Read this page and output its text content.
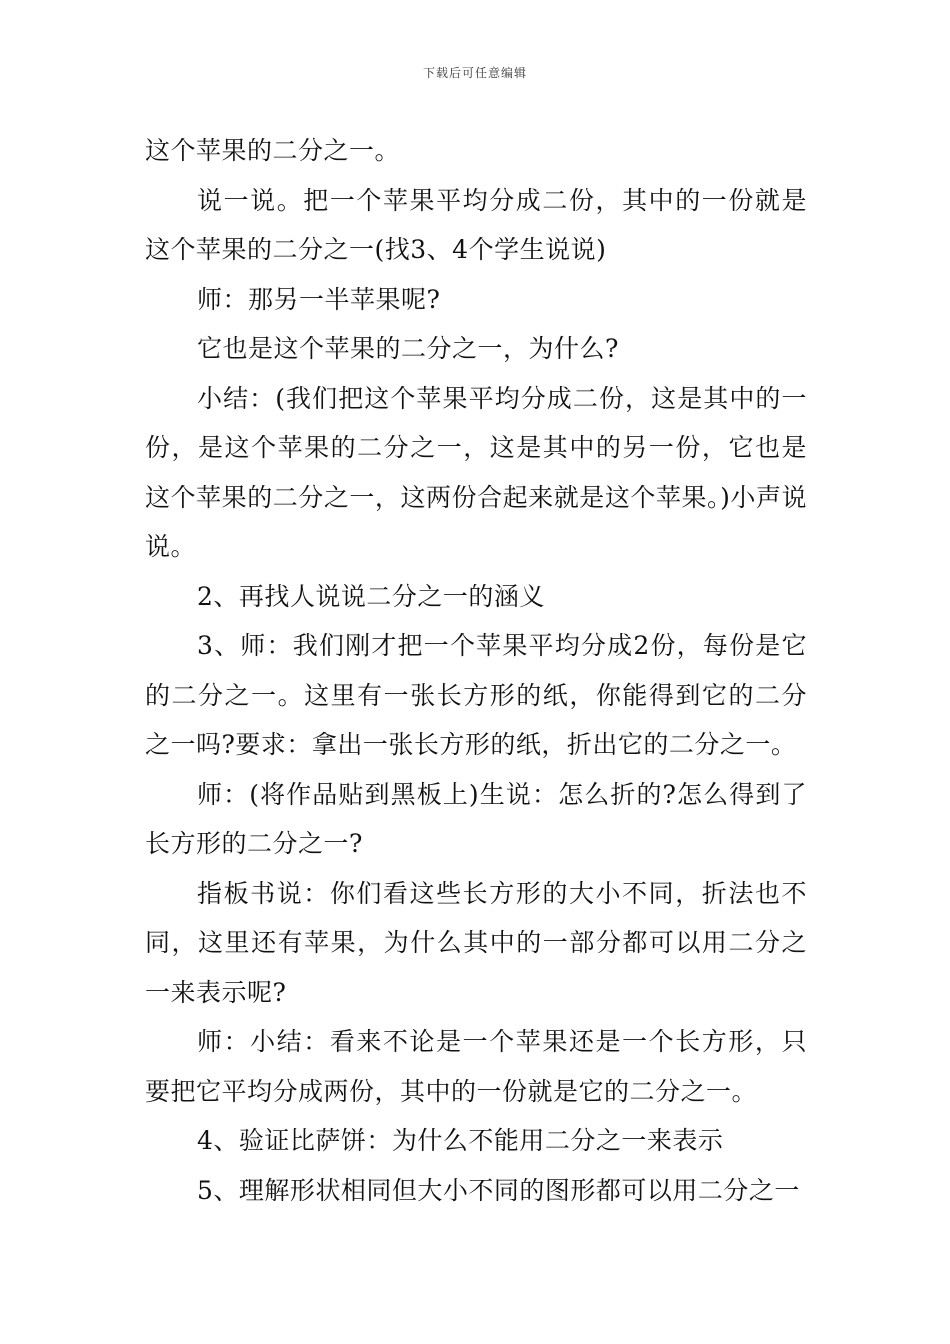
下载后可任意编辑

这个苹果的二分之一。

说一说。把一个苹果平均分成二份，其中的一份就是这个苹果的二分之一(找3、4个学生说说)

师：那另一半苹果呢?

它也是这个苹果的二分之一，为什么?

小结：(我们把这个苹果平均分成二份，这是其中的一份，是这个苹果的二分之一，这是其中的另一份，它也是这个苹果的二分之一，这两份合起来就是这个苹果。)小声说说。

2、再找人说说二分之一的涵义

3、师：我们刚才把一个苹果平均分成2份，每份是它的二分之一。这里有一张长方形的纸，你能得到它的二分之一吗?要求：拿出一张长方形的纸，折出它的二分之一。

师：(将作品贴到黑板上)生说：怎么折的?怎么得到了长方形的二分之一?

指板书说：你们看这些长方形的大小不同，折法也不同，这里还有苹果，为什么其中的一部分都可以用二分之一来表示呢?

师：小结：看来不论是一个苹果还是一个长方形，只要把它平均分成两份，其中的一份就是它的二分之一。

4、验证比萨饼：为什么不能用二分之一来表示

5、理解形状相同但大小不同的图形都可以用二分之一
